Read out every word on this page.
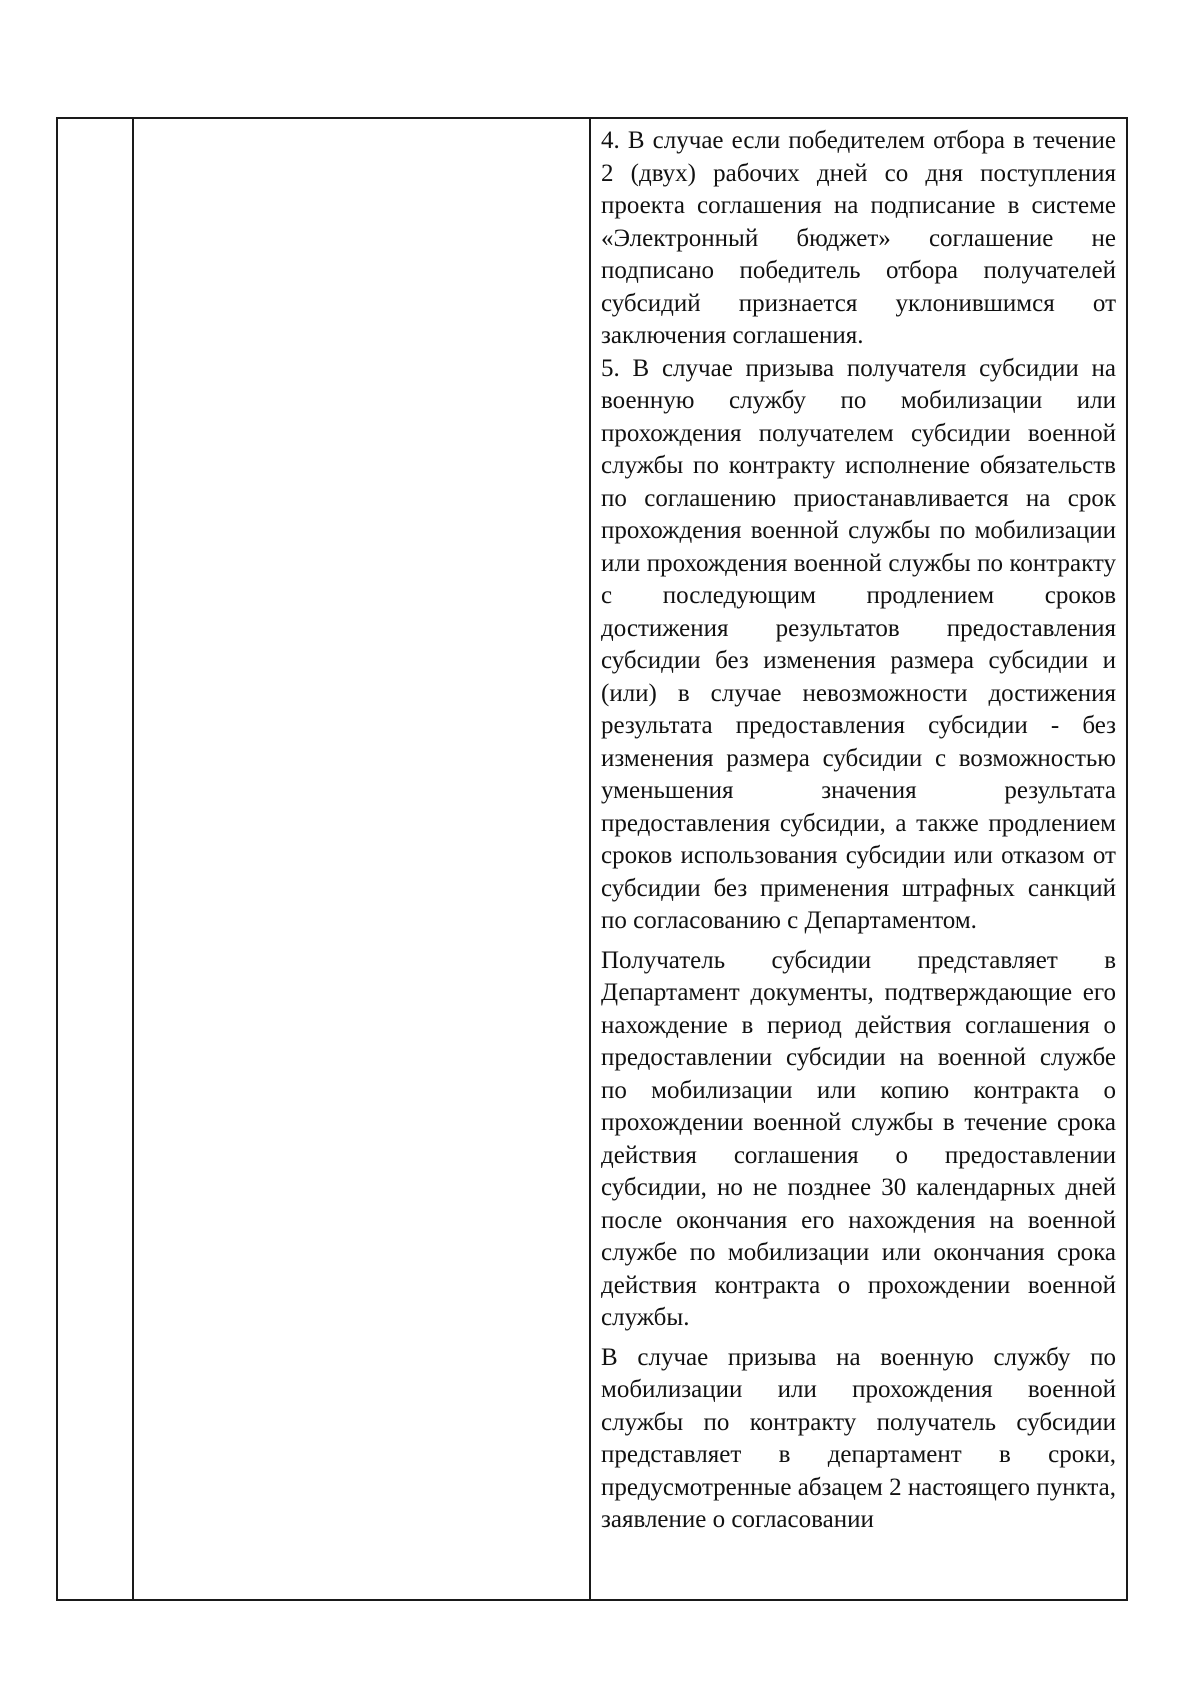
4. В случае если победителем отбора в течение 2 (двух) рабочих дней со дня поступления проекта соглашения на подписание в системе «Электронный бюджет» соглашение не подписано победитель отбора получателей субсидий признается уклонившимся от заключения соглашения.

5. В случае призыва получателя субсидии на военную службу по мобилизации или прохождения получателем субсидии военной службы по контракту исполнение обязательств по соглашению приостанавливается на срок прохождения военной службы по мобилизации или прохождения военной службы по контракту с последующим продлением сроков достижения результатов предоставления субсидии без изменения размера субсидии и (или) в случае невозможности достижения результата предоставления субсидии - без изменения размера субсидии с возможностью уменьшения значения результата предоставления субсидии, а также продлением сроков использования субсидии или отказом от субсидии без применения штрафных санкций по согласованию с Департаментом.

Получатель субсидии представляет в Департамент документы, подтверждающие его нахождение в период действия соглашения о предоставлении субсидии на военной службе по мобилизации или копию контракта о прохождении военной службы в течение срока действия соглашения о предоставлении субсидии, но не позднее 30 календарных дней после окончания его нахождения на военной службе по мобилизации или окончания срока действия контракта о прохождении военной службы.

В случае призыва на военную службу по мобилизации или прохождения военной службы по контракту получатель субсидии представляет в департамент в сроки, предусмотренные абзацем 2 настоящего пункта, заявление о согласовании
